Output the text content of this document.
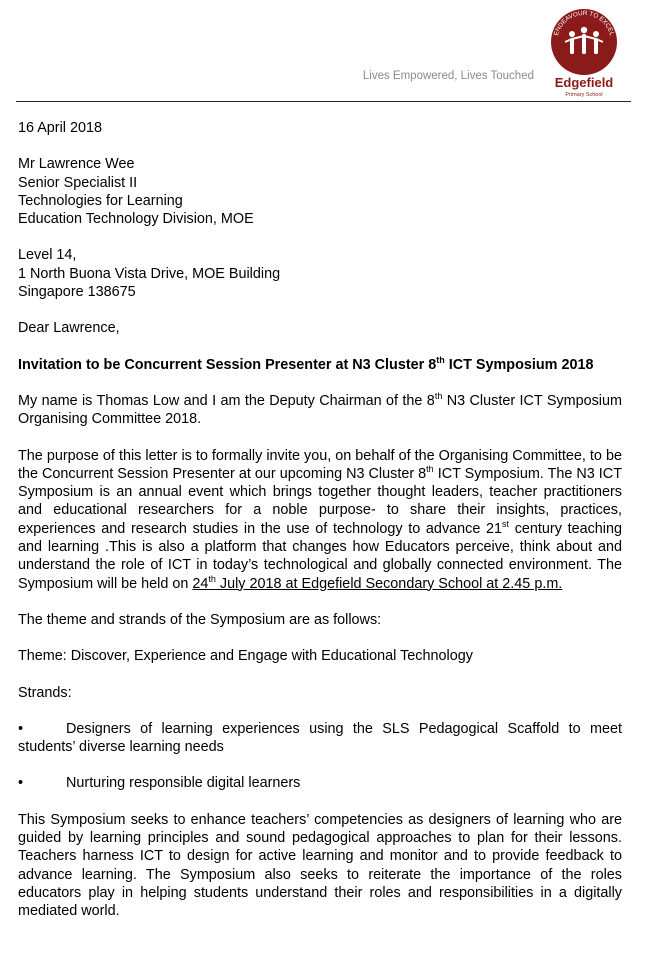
Lives Empowered, Lives Touched
ENDEAVOUR TO EXCEL
Edgefield
Primary School

16 April 2018

Mr Lawrence Wee

Senior Specialist II

Technologies for Learning

Education Technology Division, MOE

Level 14,

1 North Buona Vista Drive, MOE Building

Singapore 138675

Dear Lawrence,

Invitation to be Concurrent Session Presenter at N3 Cluster 8th ICT Symposium 2018

My name is Thomas Low and I am the Deputy Chairman of the 8th N3 Cluster ICT Symposium Organising Committee 2018.

The purpose of this letter is to formally invite you, on behalf of the Organising Committee, to be the Concurrent Session Presenter at our upcoming N3 Cluster 8th ICT Symposium. The N3 ICT Symposium is an annual event which brings together thought leaders, teacher practitioners and educational researchers for a noble purpose- to share their insights, practices, experiences and research studies in the use of technology to advance 21st century teaching and learning .This is also a platform that changes how Educators perceive, think about and understand the role of ICT in today’s technological and globally connected environment. The Symposium will be held on 24th July 2018 at Edgefield Secondary School at 2.45 p.m.

The theme and strands of the Symposium are as follows:

Theme: Discover, Experience and Engage with Educational Technology

Strands:

•	Designers of learning experiences using the SLS Pedagogical Scaffold to meet students’ diverse learning needs
•	Nurturing responsible digital learners

This Symposium seeks to enhance teachers’ competencies as designers of learning who are guided by learning principles and sound pedagogical approaches to plan for their lessons. Teachers harness ICT to design for active learning and monitor and to provide feedback to advance learning. The Symposium also seeks to reiterate the importance of the roles educators play in helping students understand their roles and responsibilities in a digitally mediated world.
